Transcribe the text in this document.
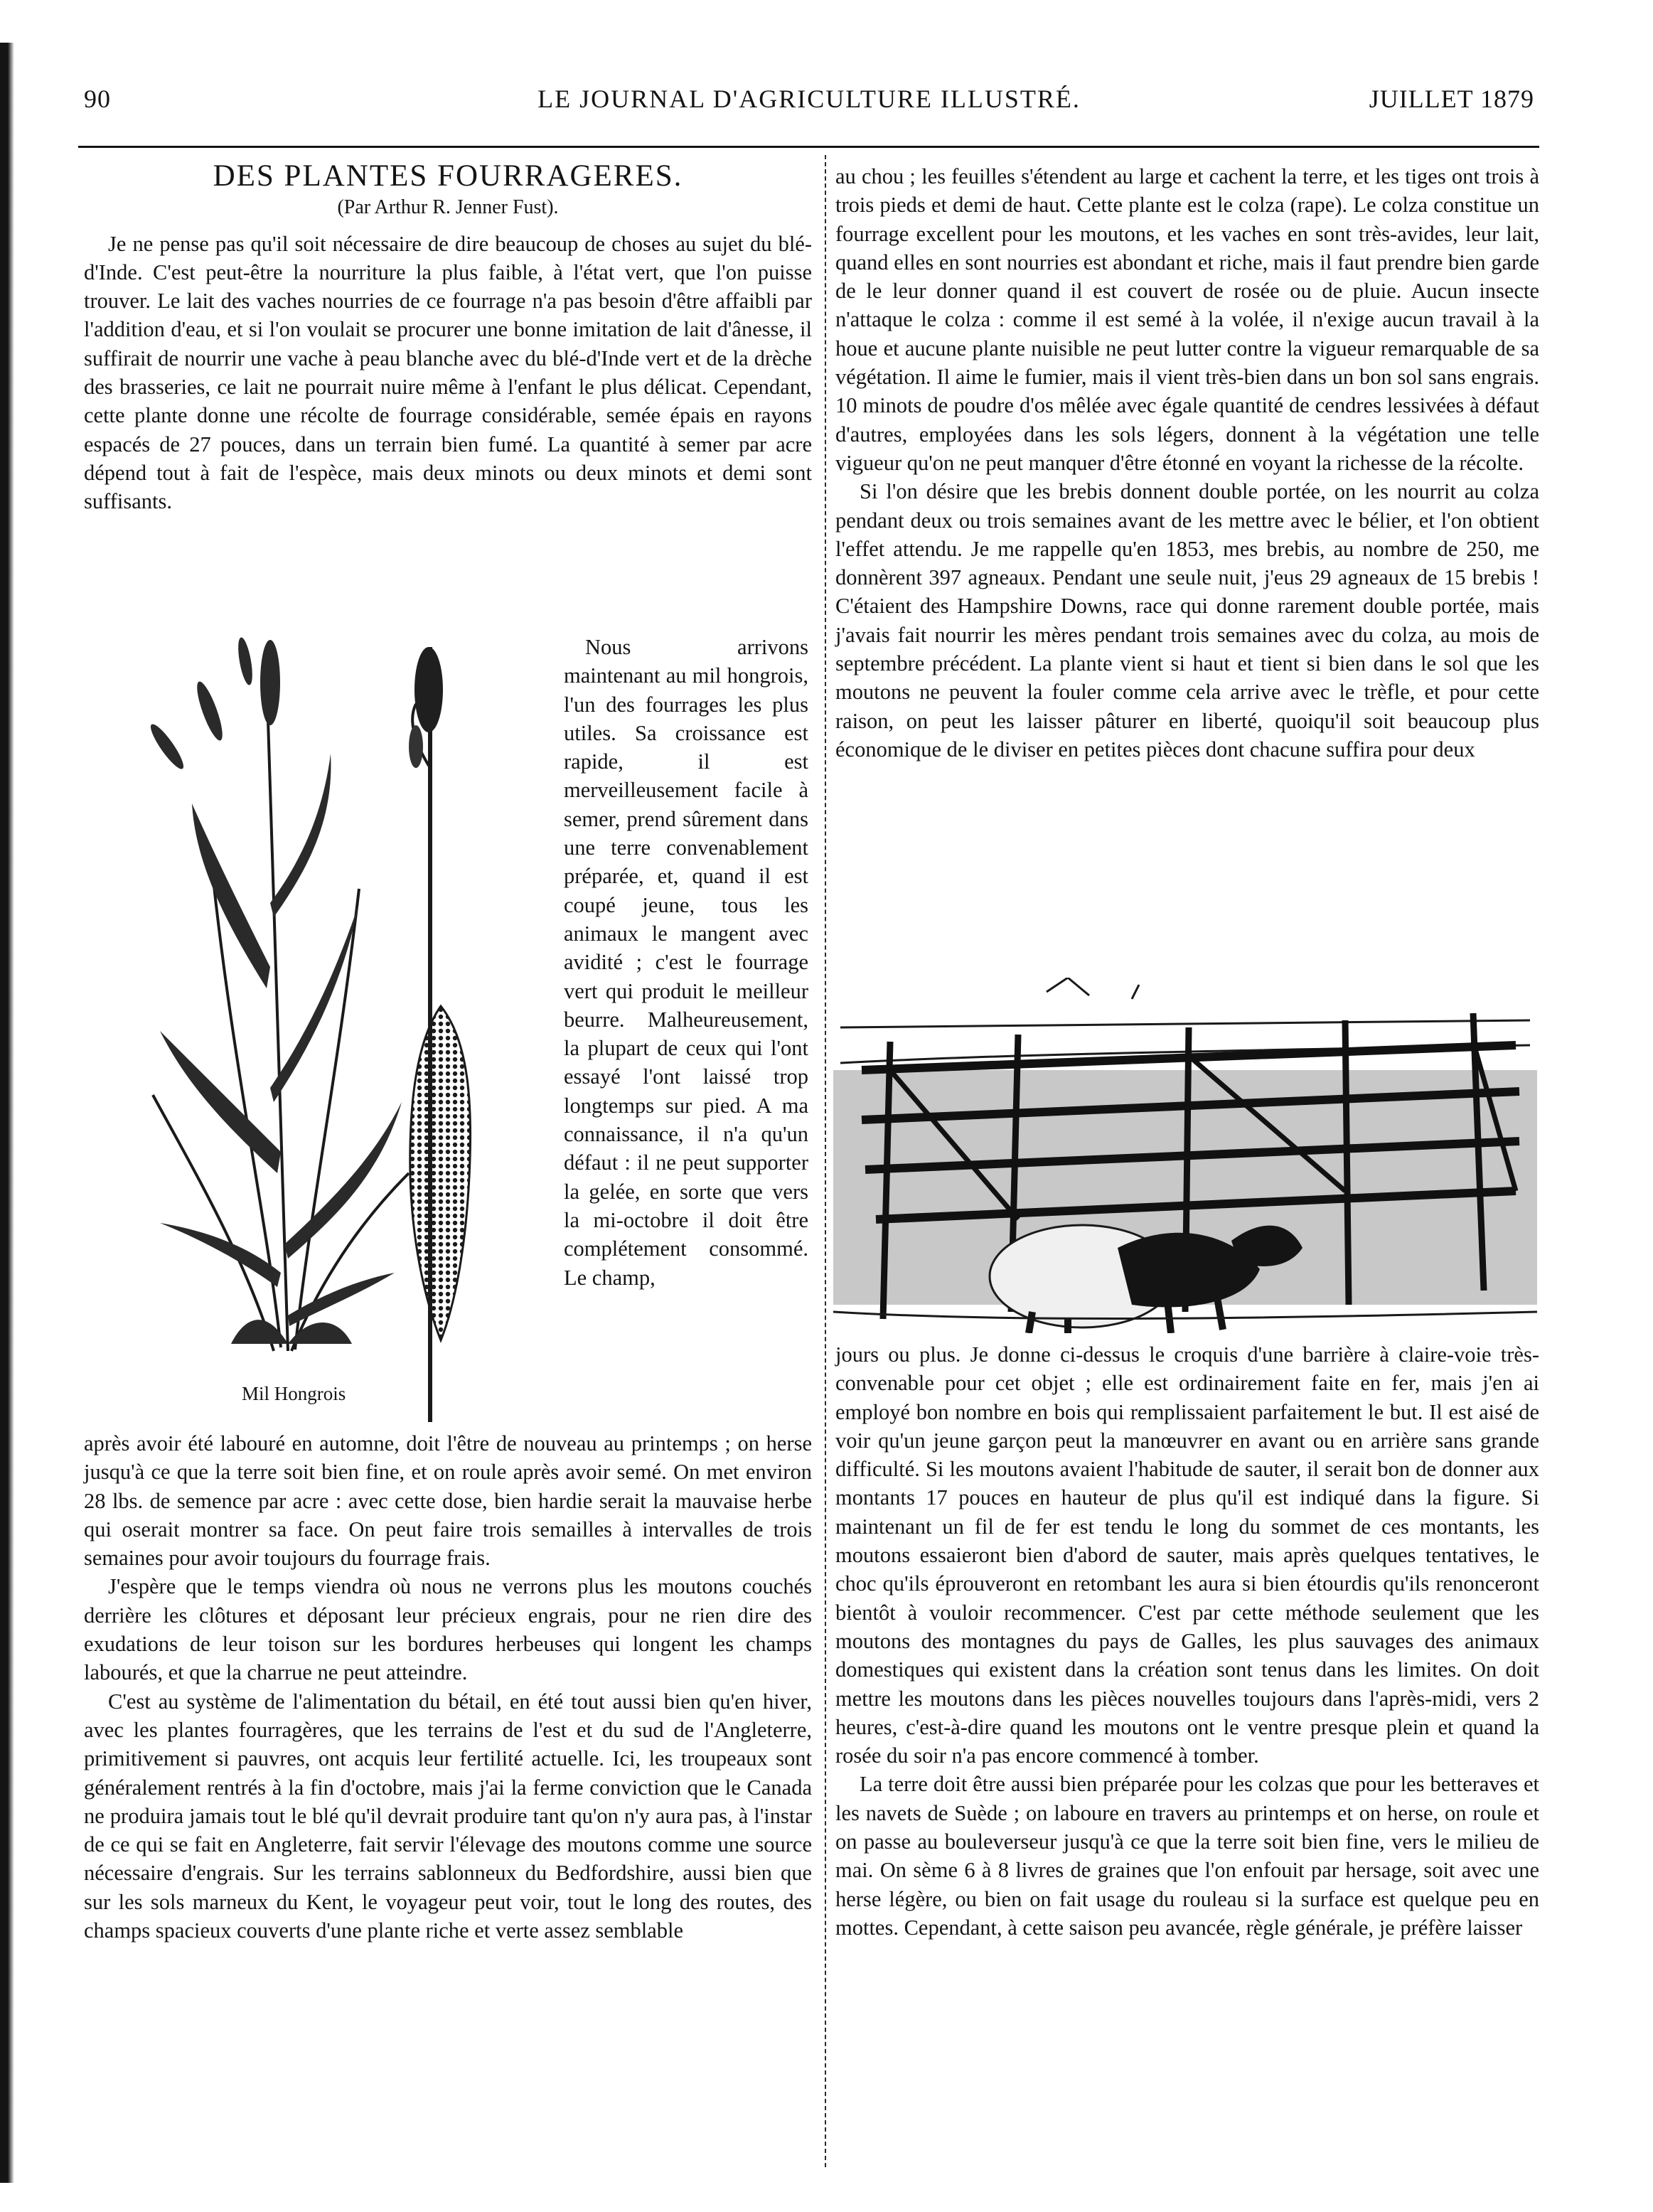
90	LE JOURNAL D'AGRICULTURE ILLUSTRÉ.	JUILLET 1879
DES PLANTES FOURRAGERES.
(Par Arthur R. Jenner Fust).

Je ne pense pas qu'il soit nécessaire de dire beaucoup de choses au sujet du blé-d'Inde. C'est peut-être la nourriture la plus faible, à l'état vert, que l'on puisse trouver. Le lait des vaches nourries de ce fourrage n'a pas besoin d'être affaibli par l'addition d'eau, et si l'on voulait se procurer une bonne imitation de lait d'ânesse, il suffirait de nourrir une vache à peau blanche avec du blé-d'Inde vert et de la drèche des brasseries, ce lait ne pourrait nuire même à l'enfant le plus délicat. Cependant, cette plante donne une récolte de fourrage considérable, semée épais en rayons espacés de 27 pouces, dans un terrain bien fumé. La quantité à semer par acre dépend tout à fait de l'espèce, mais deux minots ou deux minots et demi sont suffisants.

Mil Hongrois

Nous arrivons maintenant au mil hongrois, l'un des fourrages les plus utiles. Sa croissance est rapide, il est merveilleusement facile à semer, prend sûrement dans une terre convenablement préparée, et, quand il est coupé jeune, tous les animaux le mangent avec avidité ; c'est le fourrage vert qui produit le meilleur beurre. Malheureusement, la plupart de ceux qui l'ont essayé l'ont laissé trop longtemps sur pied. A ma connaissance, il n'a qu'un défaut : il ne peut supporter la gelée, en sorte que vers la mi-octobre il doit être complétement consommé. Le champ,

après avoir été labouré en automne, doit l'être de nouveau au printemps ; on herse jusqu'à ce que la terre soit bien fine, et on roule après avoir semé. On met environ 28 lbs. de semence par acre : avec cette dose, bien hardie serait la mauvaise herbe qui oserait montrer sa face. On peut faire trois semailles à intervalles de trois semaines pour avoir toujours du fourrage frais.

J'espère que le temps viendra où nous ne verrons plus les moutons couchés derrière les clôtures et déposant leur précieux engrais, pour ne rien dire des exudations de leur toison sur les bordures herbeuses qui longent les champs labourés, et que la charrue ne peut atteindre.

C'est au système de l'alimentation du bétail, en été tout aussi bien qu'en hiver, avec les plantes fourragères, que les terrains de l'est et du sud de l'Angleterre, primitivement si pauvres, ont acquis leur fertilité actuelle. Ici, les troupeaux sont généralement rentrés à la fin d'octobre, mais j'ai la ferme conviction que le Canada ne produira jamais tout le blé qu'il devrait produire tant qu'on n'y aura pas, à l'instar de ce qui se fait en Angleterre, fait servir l'élevage des moutons comme une source nécessaire d'engrais. Sur les terrains sablonneux du Bedfordshire, aussi bien que sur les sols marneux du Kent, le voyageur peut voir, tout le long des routes, des champs spacieux couverts d'une plante riche et verte assez semblable

au chou ; les feuilles s'étendent au large et cachent la terre, et les tiges ont trois à trois pieds et demi de haut. Cette plante est le colza (rape). Le colza constitue un fourrage excellent pour les moutons, et les vaches en sont très-avides, leur lait, quand elles en sont nourries est abondant et riche, mais il faut prendre bien garde de le leur donner quand il est couvert de rosée ou de pluie. Aucun insecte n'attaque le colza : comme il est semé à la volée, il n'exige aucun travail à la houe et aucune plante nuisible ne peut lutter contre la vigueur remarquable de sa végétation. Il aime le fumier, mais il vient très-bien dans un bon sol sans engrais. 10 minots de poudre d'os mêlée avec égale quantité de cendres lessivées à défaut d'autres, employées dans les sols légers, donnent à la végétation une telle vigueur qu'on ne peut manquer d'être étonné en voyant la richesse de la récolte.

Si l'on désire que les brebis donnent double portée, on les nourrit au colza pendant deux ou trois semaines avant de les mettre avec le bélier, et l'on obtient l'effet attendu. Je me rappelle qu'en 1853, mes brebis, au nombre de 250, me donnèrent 397 agneaux. Pendant une seule nuit, j'eus 29 agneaux de 15 brebis ! C'étaient des Hampshire Downs, race qui donne rarement double portée, mais j'avais fait nourrir les mères pendant trois semaines avec du colza, au mois de septembre précédent. La plante vient si haut et tient si bien dans le sol que les moutons ne peuvent la fouler comme cela arrive avec le trèfle, et pour cette raison, on peut les laisser pâturer en liberté, quoiqu'il soit beaucoup plus économique de le diviser en petites pièces dont chacune suffira pour deux

jours ou plus. Je donne ci-dessus le croquis d'une barrière à claire-voie très-convenable pour cet objet ; elle est ordinairement faite en fer, mais j'en ai employé bon nombre en bois qui remplissaient parfaitement le but. Il est aisé de voir qu'un jeune garçon peut la manœuvrer en avant ou en arrière sans grande difficulté. Si les moutons avaient l'habitude de sauter, il serait bon de donner aux montants 17 pouces en hauteur de plus qu'il est indiqué dans la figure. Si maintenant un fil de fer est tendu le long du sommet de ces montants, les moutons essaieront bien d'abord de sauter, mais après quelques tentatives, le choc qu'ils éprouveront en retombant les aura si bien étourdis qu'ils renonceront bientôt à vouloir recommencer. C'est par cette méthode seulement que les moutons des montagnes du pays de Galles, les plus sauvages des animaux domestiques qui existent dans la création sont tenus dans les limites. On doit mettre les moutons dans les pièces nouvelles toujours dans l'après-midi, vers 2 heures, c'est-à-dire quand les moutons ont le ventre presque plein et quand la rosée du soir n'a pas encore commencé à tomber.

La terre doit être aussi bien préparée pour les colzas que pour les betteraves et les navets de Suède ; on laboure en travers au printemps et on herse, on roule et on passe au bouleverseur jusqu'à ce que la terre soit bien fine, vers le milieu de mai. On sème 6 à 8 livres de graines que l'on enfouit par hersage, soit avec une herse légère, ou bien on fait usage du rouleau si la surface est quelque peu en mottes. Cependant, à cette saison peu avancée, règle générale, je préfère laisser
